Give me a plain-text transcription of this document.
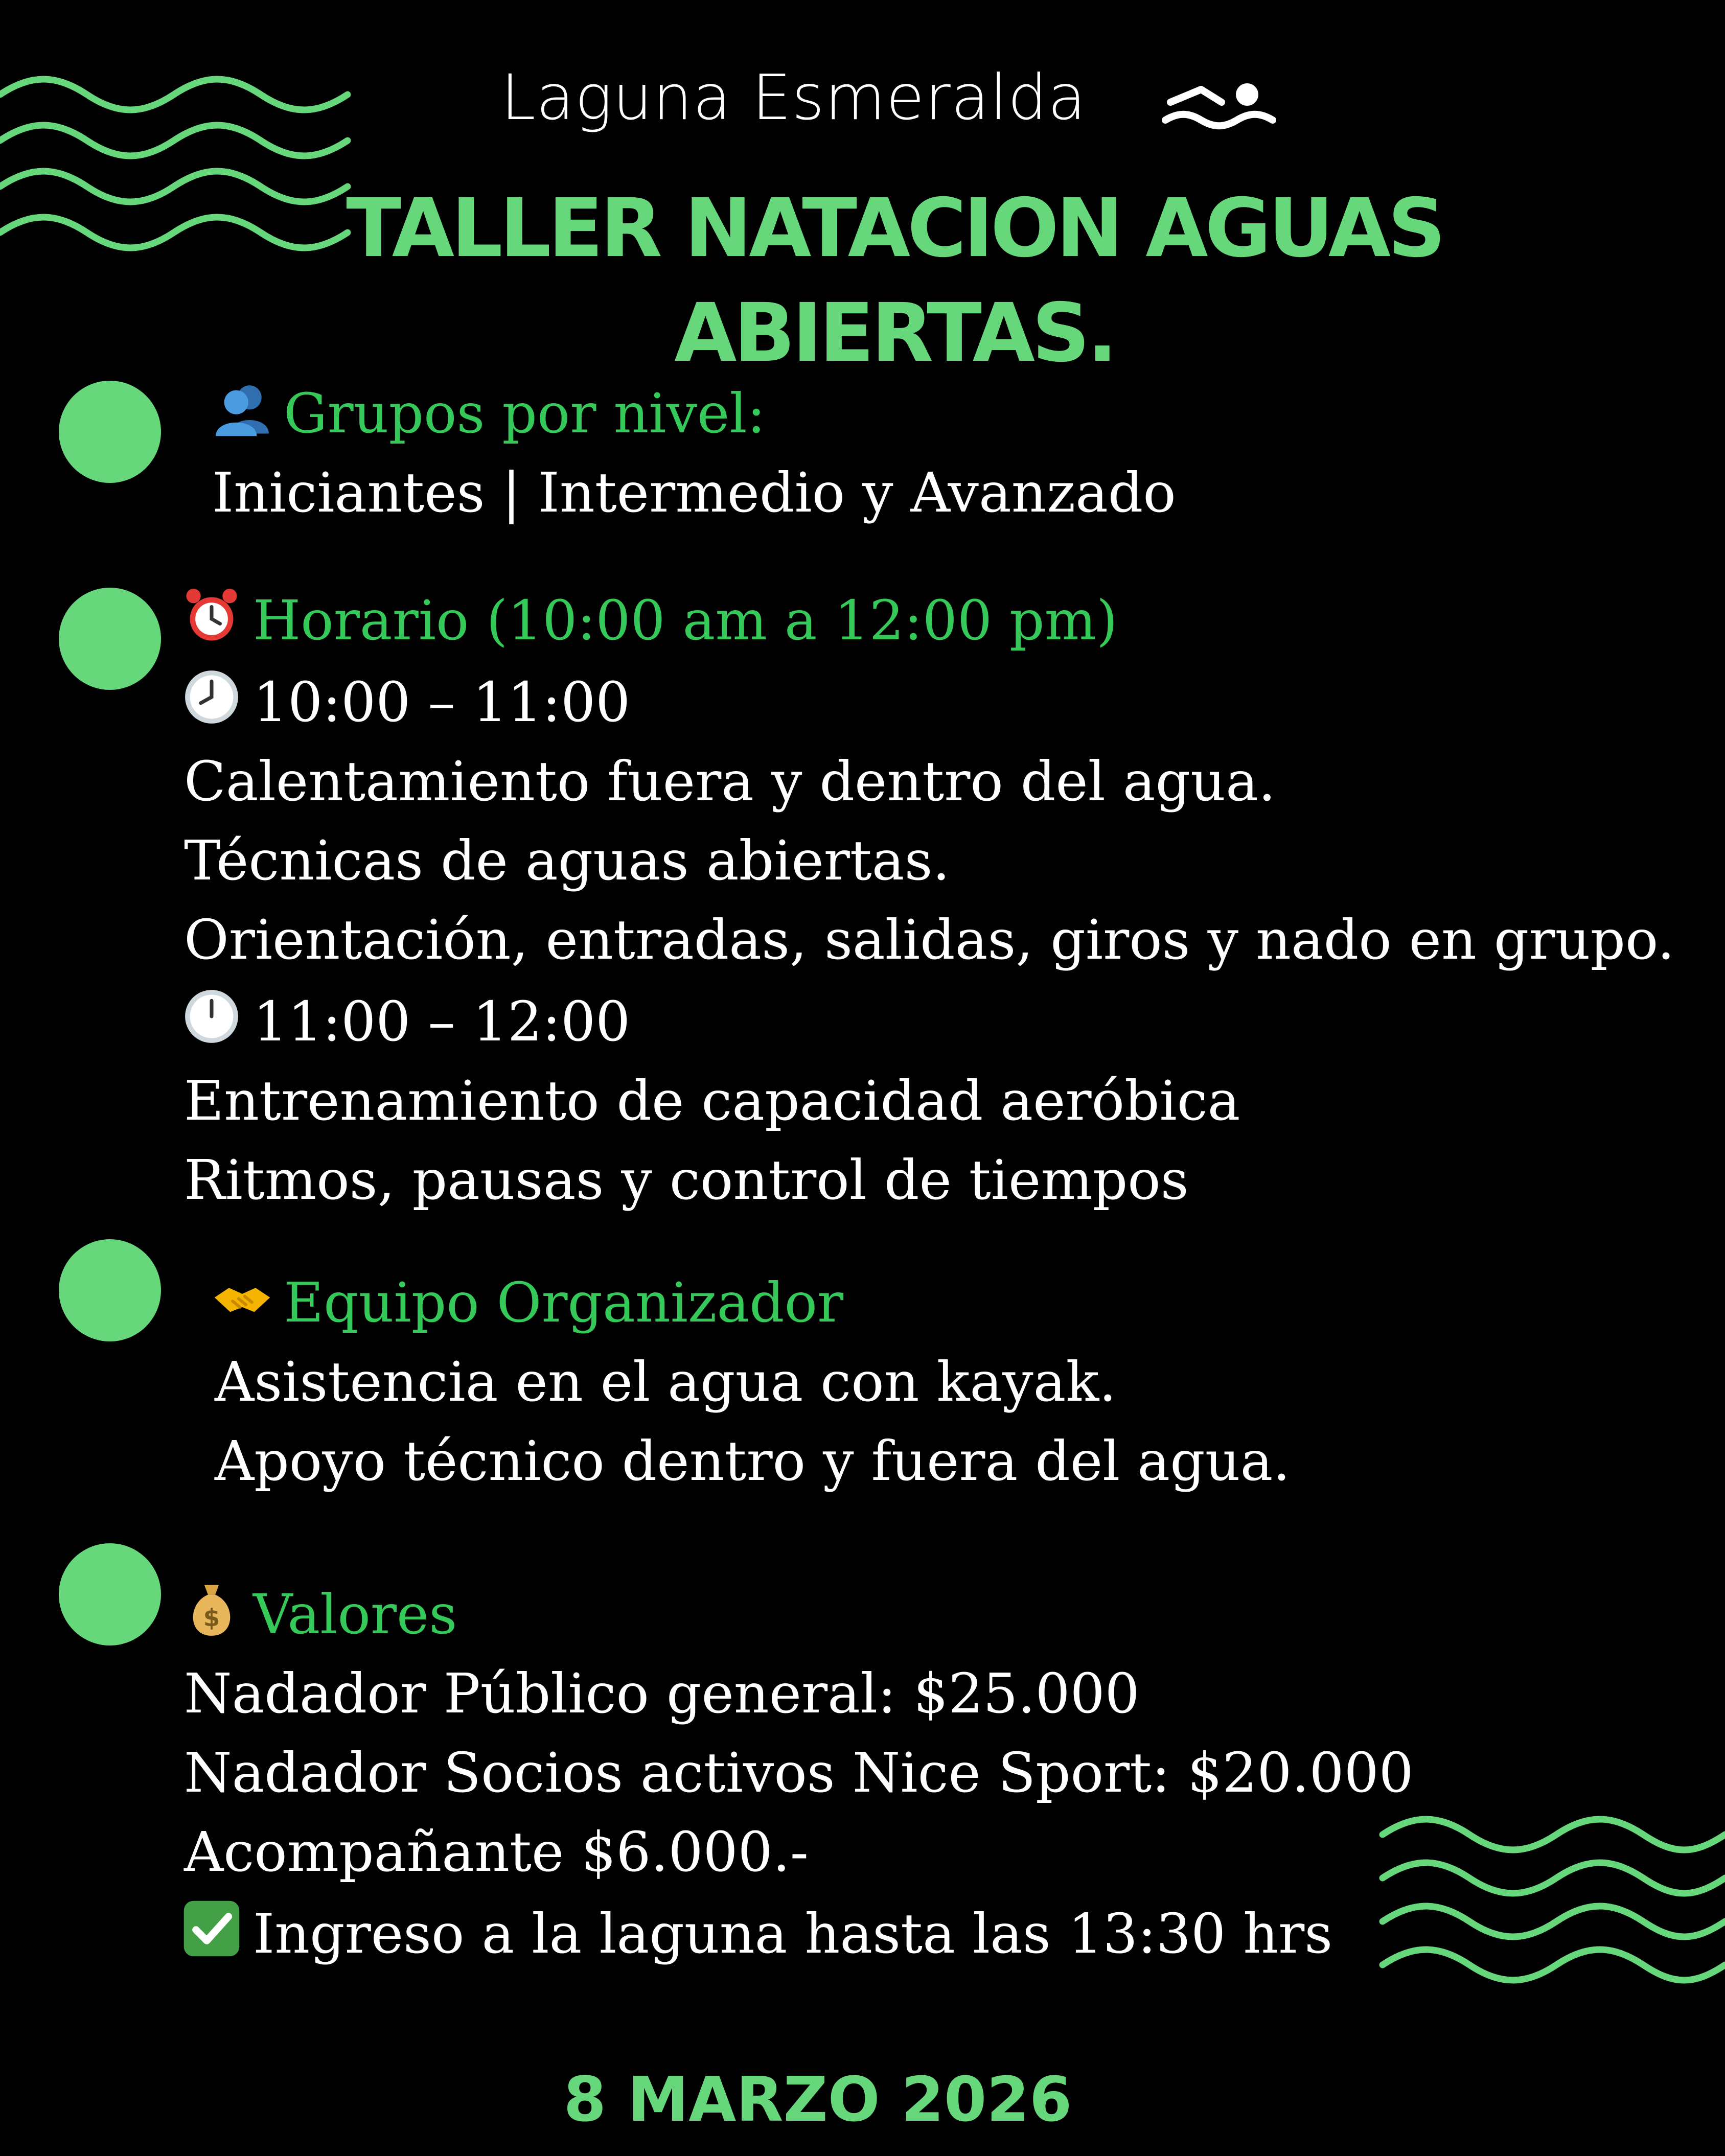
Laguna Esmeralda
TALLER NATACION AGUAS
ABIERTAS.
Grupos por nivel:
Iniciantes | Intermedio y Avanzado
Horario (10:00 am a 12:00 pm)
10:00 – 11:00
Calentamiento fuera y dentro del agua.
Técnicas de aguas abiertas.
Orientación, entradas, salidas, giros y nado en grupo.
11:00 – 12:00
Entrenamiento de capacidad aeróbica
Ritmos, pausas y control de tiempos
Equipo Organizador
Asistencia en el agua con kayak.
Apoyo técnico dentro y fuera del agua.
$ Valores
Nadador Público general: $25.000
Nadador Socios activos Nice Sport: $20.000
Acompañante $6.000.-
Ingreso a la laguna hasta las 13:30 hrs
8 MARZO 2026
